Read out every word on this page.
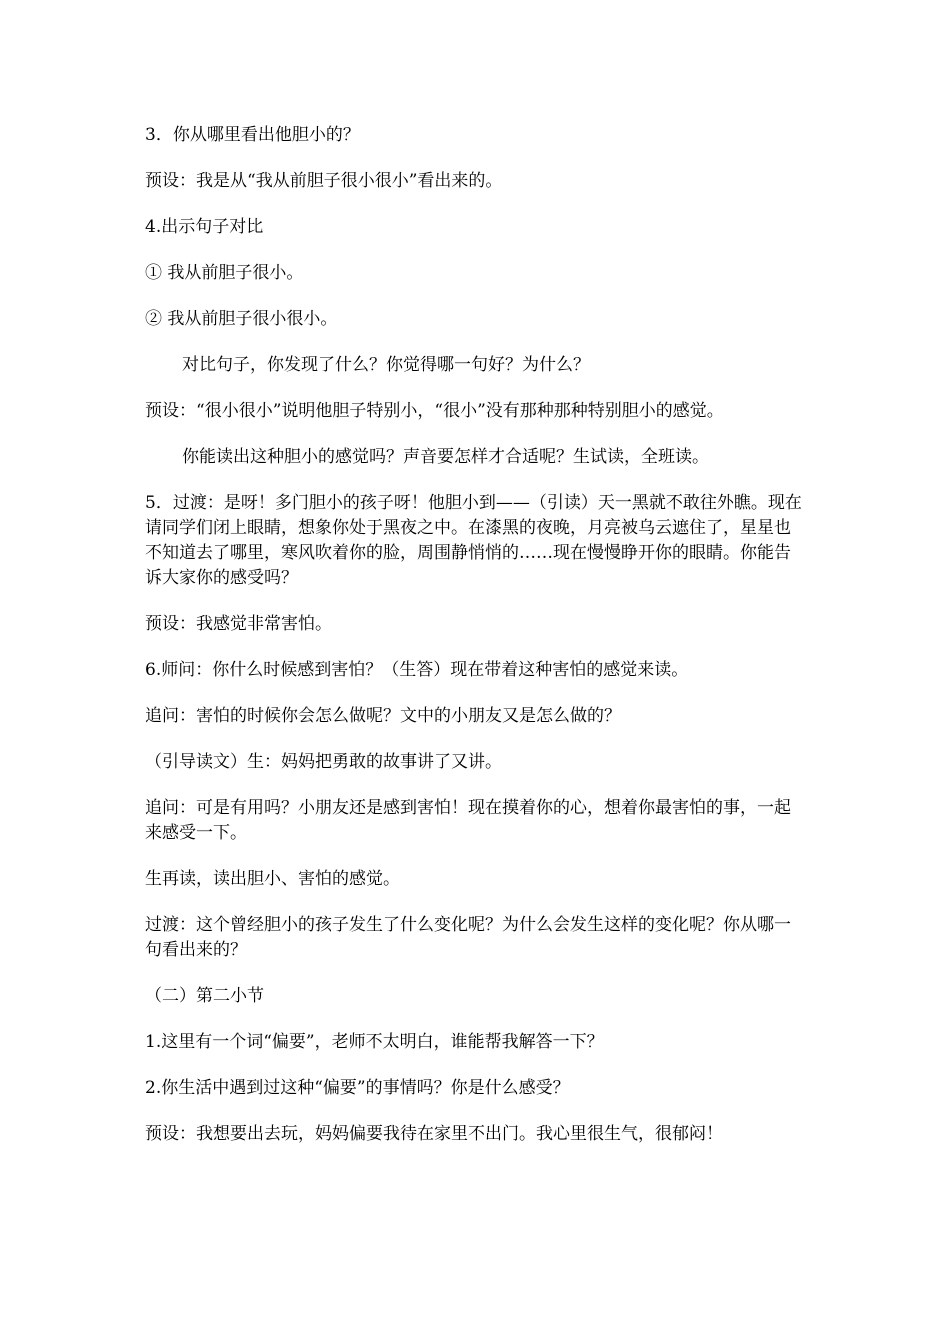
3．你从哪里看出他胆小的？

预设：我是从“我从前胆子很小很小”看出来的。

4.出示句子对比

① 我从前胆子很小。

② 我从前胆子很小很小。

对比句子，你发现了什么？你觉得哪一句好？为什么？

预设：“很小很小”说明他胆子特别小，“很小”没有那种那种特别胆小的感觉。

你能读出这种胆小的感觉吗？声音要怎样才合适呢？生试读，全班读。

5．过渡：是呀！多门胆小的孩子呀！他胆小到——（引读）天一黑就不敢往外瞧。现在请同学们闭上眼睛，想象你处于黑夜之中。在漆黑的夜晚，月亮被乌云遮住了，星星也不知道去了哪里，寒风吹着你的脸，周围静悄悄的……现在慢慢睁开你的眼睛。你能告诉大家你的感受吗？

预设：我感觉非常害怕。

6.师问：你什么时候感到害怕？（生答）现在带着这种害怕的感觉来读。

追问：害怕的时候你会怎么做呢？文中的小朋友又是怎么做的？

（引导读文）生：妈妈把勇敢的故事讲了又讲。

追问：可是有用吗？小朋友还是感到害怕！现在摸着你的心，想着你最害怕的事，一起来感受一下。

生再读，读出胆小、害怕的感觉。

过渡：这个曾经胆小的孩子发生了什么变化呢？为什么会发生这样的变化呢？你从哪一句看出来的？

（二）第二小节

1.这里有一个词“偏要”，老师不太明白，谁能帮我解答一下？

2.你生活中遇到过这种“偏要”的事情吗？你是什么感受？

预设：我想要出去玩，妈妈偏要我待在家里不出门。我心里很生气，很郁闷！
